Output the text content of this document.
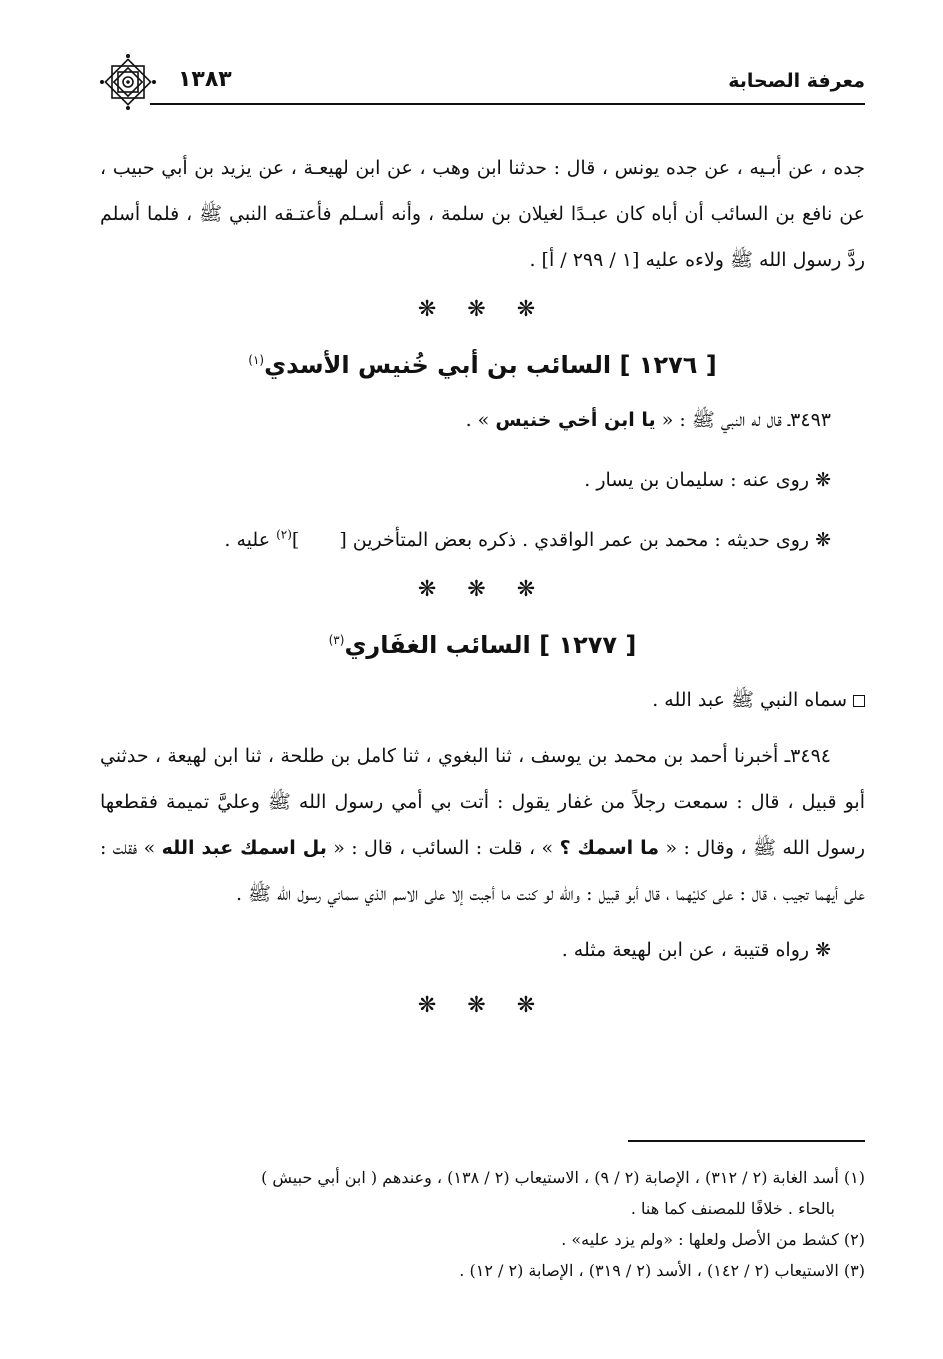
معرفة الصحابة
١٣٨٣

جده ، عن أبـيه ، عن جده يونس ، قال : حدثنا ابن وهب ، عن ابن لهيعـة ، عن يزيد بن أبي حبيب ، عن نافع بن السائب أن أباه كان عبـدًا لغيلان بن سلمة ، وأنه أسـلم فأعتـقه النبي ﷺ ، فلما أسلم ردَّ رسول الله ﷺ ولاءه عليه [١ / ٢٩٩ / أ] .

❋ ❋ ❋
[ ١٢٧٦ ] السائب بن أبي خُنيس الأسدي$^{(١)}$

٣٤٩٣ـ قال له النبي ﷺ : « يا ابن أخي خنيس » .

❋ روى عنه : سليمان بن يسار .

❋ روى حديثه : محمد بن عمر الواقدي . ذكره بعض المتأخرين []$^{(٢)}$ عليه .

❋ ❋ ❋
[ ١٢٧٧ ] السائب الغفَاري$^{(٣)}$

سماه النبي ﷺ عبد الله .

٣٤٩٤ـ أخبرنا أحمد بن محمد بن يوسف ، ثنا البغوي ، ثنا كامل بن طلحة ، ثنا ابن لهيعة ، حدثني أبو قبيل ، قال : سمعت رجلاً من غفار يقول : أتت بي أمي رسول الله ﷺ وعليَّ تميمة فقطعها رسول الله ﷺ ، وقال : « ما اسمك ؟ » ، قلت : السائب ، قال : « بل اسمك عبد الله » فقلت : على أيهما تجيب ، قال : على كليْهما ، قال أبو قبيل : والله لو كنت ما أجبت إلا على الاسم الذي سماني رسول الله ﷺ .

❋ رواه قتيبة ، عن ابن لهيعة مثله .

❋ ❋ ❋

(١) أسد الغابة (٢ / ٣١٢) ، الإصابة (٢ / ٩) ، الاستيعاب (٢ / ١٣٨) ، وعندهم ( ابن أبي حبيش )
بالحاء . خلافًا للمصنف كما هنا .

(٢) كشط من الأصل ولعلها : «ولم يزد عليه» .

(٣) الاستيعاب (٢ / ١٤٢) ، الأسد (٢ / ٣١٩) ، الإصابة (٢ / ١٢) .
